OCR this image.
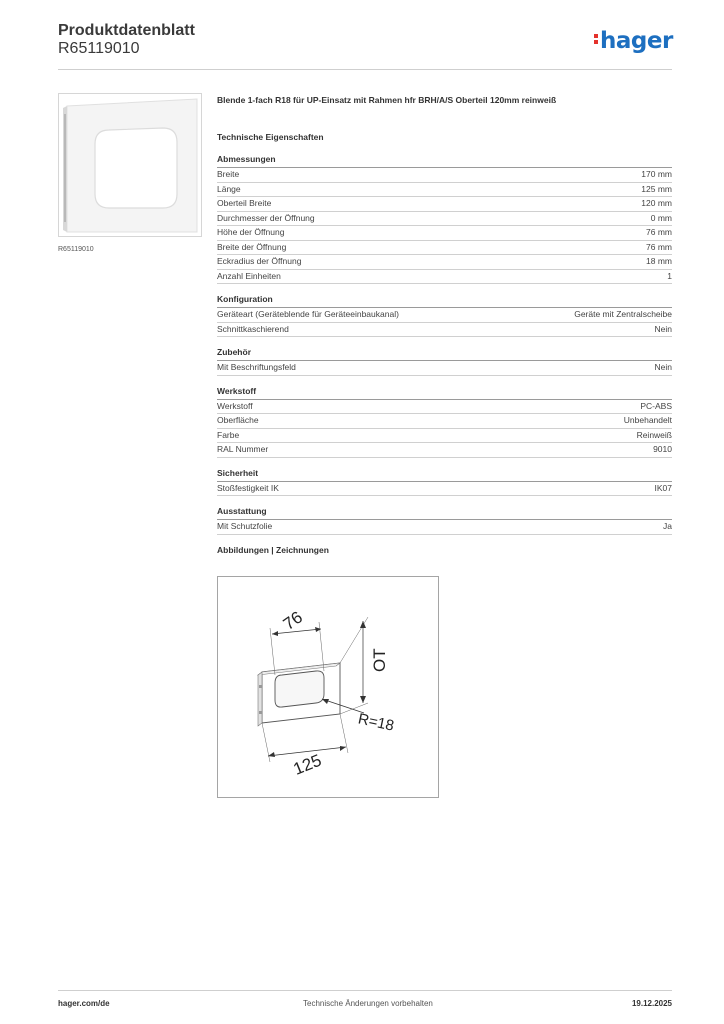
Produktdatenblatt
R65119010	hager
R65119010
Blende 1-fach R18 für UP-Einsatz mit Rahmen hfr BRH/A/S Oberteil 120mm reinweiß
Technische Eigenschaften
Abmessungen
Breite	170 mm
Länge	125 mm
Oberteil Breite	120 mm
Durchmesser der Öffnung	0 mm
Höhe der Öffnung	76 mm
Breite der Öffnung	76 mm
Eckradius der Öffnung	18 mm
Anzahl Einheiten	1
Konfiguration
Geräteart (Geräteblende für Geräteeinbaukanal)	Geräte mit Zentralscheibe
Schnittkaschierend	Nein
Zubehör
Mit Beschriftungsfeld	Nein
Werkstoff
Werkstoff	PC-ABS
Oberfläche	Unbehandelt
Farbe	Reinweiß
RAL Nummer	9010
Sicherheit
Stoßfestigkeit IK	IK07
Ausstattung
Mit Schutzfolie	Ja
Abbildungen | Zeichnungen
76
OT
R=18
125
hager.com/de	Technische Änderungen vorbehalten	19.12.2025
